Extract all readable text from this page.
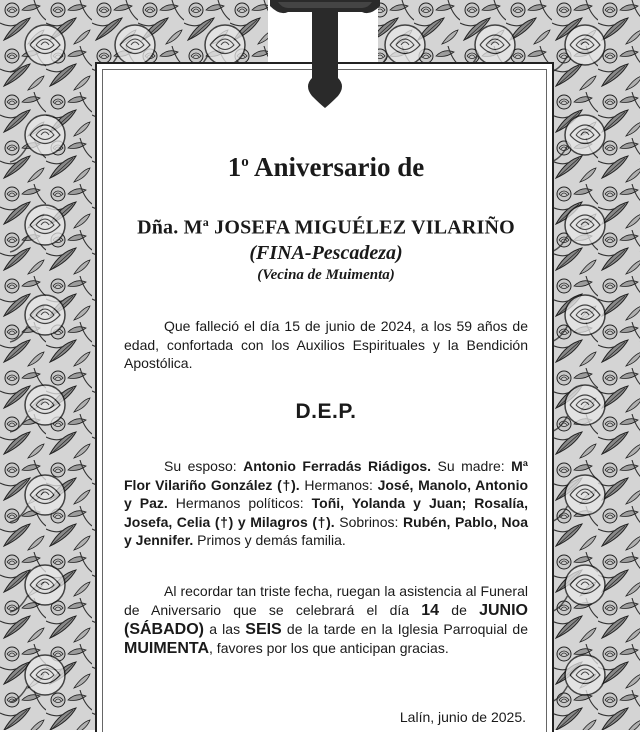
1$^o$ Aniversario de
Dña. $M^a$ JOSEFA MIGUÉLEZ VILARIÑO
(FINA-Pescadeza)
(Vecina de Muimenta)
Que falleció el día 15 de junio de 2024, a los 59 años de edad, confortada con los Auxilios Espirituales y la Bendición Apostólica.
D.E.P.
Su esposo: Antonio Ferradás Riádigos. Su madre: Mª Flor Vilariño González (†). Hermanos: José, Manolo, Antonio y Paz. Hermanos políticos: Toñi, Yolanda y Juan; Rosalía, Josefa, Celia (†) y Milagros (†). Sobrinos: Rubén, Pablo, Noa y Jennifer. Primos y demás familia.
Al recordar tan triste fecha, ruegan la asistencia al Funeral de Aniversario que se celebrará el día 14 de JUNIO (SÁBADO) a las SEIS de la tarde en la Iglesia Parroquial de MUIMENTA, favores por los que anticipan gracias.
Lalín, junio de 2025.
